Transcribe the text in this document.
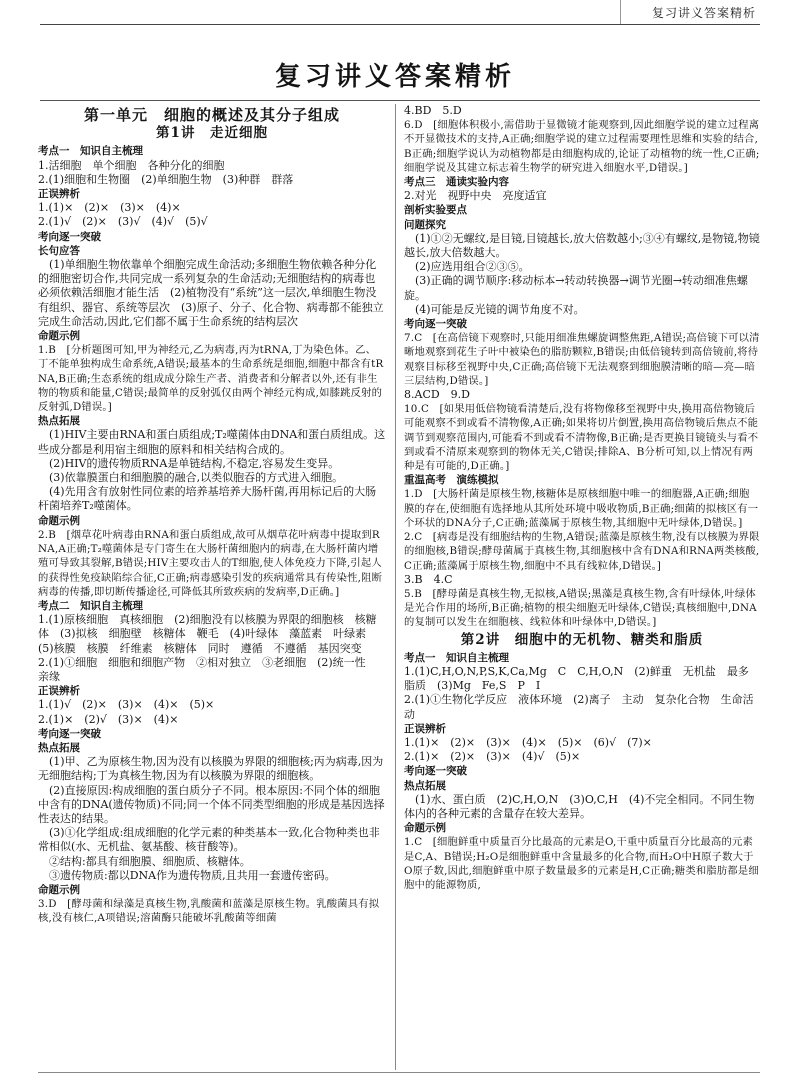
复习讲义答案精析
复习讲义答案精析
第一单元　细胞的概述及其分子组成
第1讲　走近细胞
考点一　知识自主梳理
1.活细胞　单个细胞　各种分化的细胞
2.(1)细胞和生物圈　(2)单细胞生物　(3)种群　群落
正误辨析
1.(1)×　(2)×　(3)×　(4)×
2.(1)√　(2)×　(3)√　(4)√　(5)√
考向逐一突破
长句应答
(1)单细胞生物依靠单个细胞完成生命活动;多细胞生物依赖各种分化的细胞密切合作,共同完成一系列复杂的生命活动;无细胞结构的病毒也必须依赖活细胞才能生活　(2)植物没有“系统”这一层次,单细胞生物没有组织、器官、系统等层次　(3)原子、分子、化合物、病毒都不能独立完成生命活动,因此,它们都不属于生命系统的结构层次
命题示例
1.B　[分析题图可知,甲为神经元,乙为病毒,丙为tRNA,丁为染色体。乙、丁不能单独构成生命系统,A错误;最基本的生命系统是细胞,细胞中都含有tRNA,B正确;生态系统的组成成分除生产者、消费者和分解者以外,还有非生物的物质和能量,C错误;最简单的反射弧仅由两个神经元构成,如膝跳反射的反射弧,D错误。]
热点拓展
(1)HIV主要由RNA和蛋白质组成;T₂噬菌体由DNA和蛋白质组成。这些成分都是利用宿主细胞的原料和相关结构合成的。
(2)HIV的遗传物质RNA是单链结构,不稳定,容易发生变异。
(3)依靠膜蛋白和细胞膜的融合,以类似胞吞的方式进入细胞。
(4)先用含有放射性同位素的培养基培养大肠杆菌,再用标记后的大肠杆菌培养T₂噬菌体。
命题示例
2.B　[烟草花叶病毒由RNA和蛋白质组成,故可从烟草花叶病毒中提取到RNA,A正确;T₂噬菌体是专门寄生在大肠杆菌细胞内的病毒,在大肠杆菌内增殖可导致其裂解,B错误;HIV主要攻击人的T细胞,使人体免疫力下降,引起人的获得性免疫缺陷综合征,C正确;病毒感染引发的疾病通常具有传染性,阻断病毒的传播,即切断传播途径,可降低其所致疾病的发病率,D正确。]
考点二　知识自主梳理
1.(1)原核细胞　真核细胞　(2)细胞没有以核膜为界限的细胞核　核糖体　(3)拟核　细胞壁　核糖体　鞭毛　(4)叶绿体　藻蓝素　叶绿素　(5)核膜　核膜　纤维素　核糖体　同时　遵循　不遵循　基因突变
2.(1)①细胞　细胞和细胞产物　②相对独立　③老细胞　(2)统一性　亲缘
正误辨析
1.(1)√　(2)×　(3)×　(4)×　(5)×
2.(1)×　(2)√　(3)×　(4)×
考向逐一突破
热点拓展
(1)甲、乙为原核生物,因为没有以核膜为界限的细胞核;丙为病毒,因为无细胞结构;丁为真核生物,因为有以核膜为界限的细胞核。
(2)直接原因:构成细胞的蛋白质分子不同。根本原因:不同个体的细胞中含有的DNA(遗传物质)不同;同一个体不同类型细胞的形成是基因选择性表达的结果。
(3)①化学组成:组成细胞的化学元素的种类基本一致,化合物种类也非常相似(水、无机盐、氨基酸、核苷酸等)。
②结构:都具有细胞膜、细胞质、核糖体。
③遗传物质:都以DNA作为遗传物质,且共用一套遗传密码。
命题示例
3.D　[酵母菌和绿藻是真核生物,乳酸菌和蓝藻是原核生物。乳酸菌具有拟核,没有核仁,A项错误;溶菌酶只能破坏乳酸菌等细菌
4.BD　5.D
6.D　[细胞体积极小,需借助于显微镜才能观察到,因此细胞学说的建立过程离不开显微技术的支持,A正确;细胞学说的建立过程需要理性思维和实验的结合,B正确;细胞学说认为动植物都是由细胞构成的,论证了动植物的统一性,C正确;细胞学说及其建立标志着生物学的研究进入细胞水平,D错误。]
考点三　通读实验内容
2.对光　视野中央　亮度适宜
剖析实验要点
问题探究
(1)①②无螺纹,是目镜,目镜越长,放大倍数越小;③④有螺纹,是物镜,物镜越长,放大倍数越大。
(2)应选用组合②③⑤。
(3)正确的调节顺序:移动标本→转动转换器→调节光圈→转动细准焦螺旋。
(4)可能是反光镜的调节角度不对。
考向逐一突破
7.C　[在高倍镜下观察时,只能用细准焦螺旋调整焦距,A错误;高倍镜下可以清晰地观察到花生子叶中被染色的脂肪颗粒,B错误;由低倍镜转到高倍镜前,将待观察目标移至视野中央,C正确;高倍镜下无法观察到细胞膜清晰的暗—亮—暗三层结构,D错误。]
8.ACD　9.D
10.C　[如果用低倍物镜看清楚后,没有将物像移至视野中央,换用高倍物镜后可能观察不到或看不清物像,A正确;如果将切片倒置,换用高倍物镜后焦点不能调节到观察范围内,可能看不到或看不清物像,B正确;是否更换目镜镜头与看不到或看不清原来观察到的物体无关,C错误;排除A、B分析可知,以上情况有两种是有可能的,D正确。]
重温高考　演练模拟
1.D　[大肠杆菌是原核生物,核糖体是原核细胞中唯一的细胞器,A正确;细胞膜的存在,使细胞有选择地从其所处环境中吸收物质,B正确;细菌的拟核区有一个环状的DNA分子,C正确;蓝藻属于原核生物,其细胞中无叶绿体,D错误。]
2.C　[病毒是没有细胞结构的生物,A错误;蓝藻是原核生物,没有以核膜为界限的细胞核,B错误;酵母菌属于真核生物,其细胞核中含有DNA和RNA两类核酸,C正确;蓝藻属于原核生物,细胞中不具有线粒体,D错误。]
3.B　4.C
5.B　[酵母菌是真核生物,无拟核,A错误;黑藻是真核生物,含有叶绿体,叶绿体是光合作用的场所,B正确;植物的根尖细胞无叶绿体,C错误;真核细胞中,DNA的复制可以发生在细胞核、线粒体和叶绿体中,D错误。]
第2讲　细胞中的无机物、糖类和脂质
考点一　知识自主梳理
1.(1)C,H,O,N,P,S,K,Ca,Mg　C　C,H,O,N　(2)鲜重　无机盐　最多　脂质　(3)Mg　Fe,S　P　I
2.(1)①生物化学反应　液体环境　(2)离子　主动　复杂化合物　生命活动
正误辨析
1.(1)×　(2)×　(3)×　(4)×　(5)×　(6)√　(7)×
2.(1)×　(2)×　(3)×　(4)√　(5)×
考向逐一突破
热点拓展
(1)水、蛋白质　(2)C,H,O,N　(3)O,C,H　(4)不完全相同。不同生物体内的各种元素的含量存在较大差异。
命题示例
1.C　[细胞鲜重中质量百分比最高的元素是O,干重中质量百分比最高的元素是C,A、B错误;H₂O是细胞鲜重中含量最多的化合物,而H₂O中H原子数大于O原子数,因此,细胞鲜重中原子数量最多的元素是H,C正确;糖类和脂肪都是细胞中的能源物质,
